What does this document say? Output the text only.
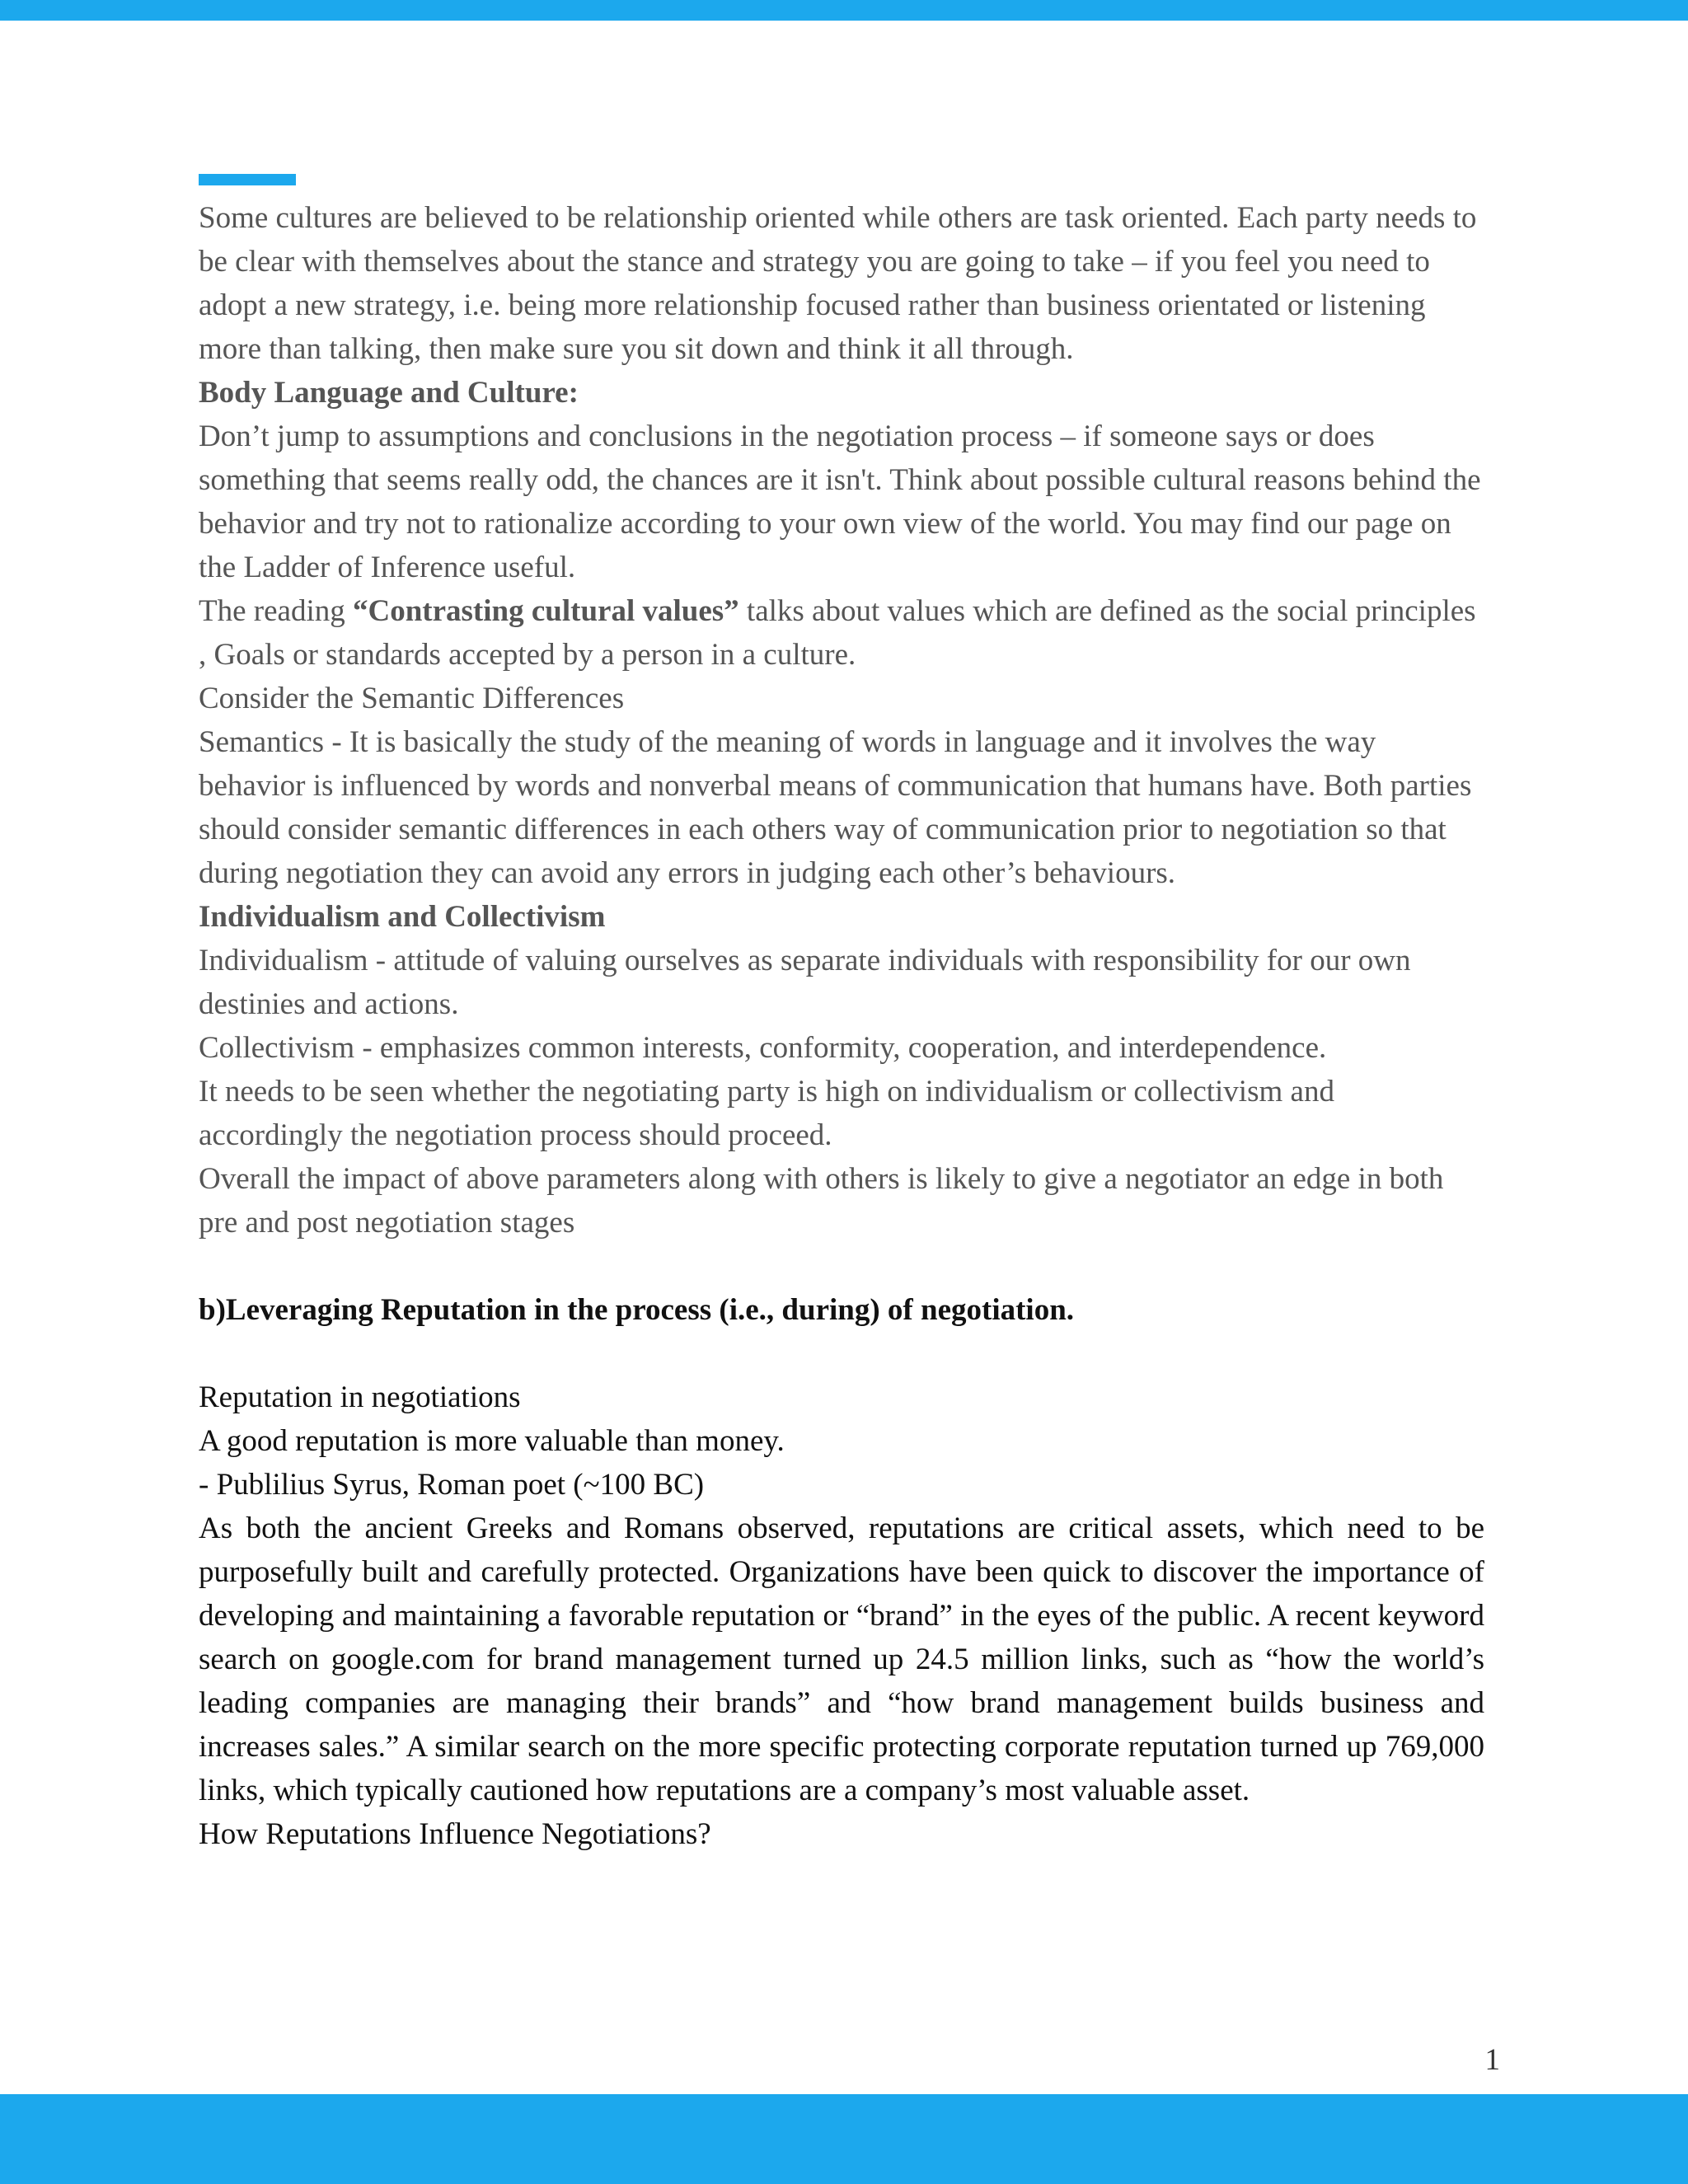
Some cultures are believed to be relationship oriented while others are task oriented. Each party needs to be clear with themselves about the stance and strategy you are going to take – if you feel you need to adopt a new strategy, i.e. being more relationship focused rather than business orientated or listening more than talking, then make sure you sit down and think it all through.

Body Language and Culture:

Don’t jump to assumptions and conclusions in the negotiation process – if someone says or does something that seems really odd, the chances are it isn't. Think about possible cultural reasons behind the behavior and try not to rationalize according to your own view of the world. You may find our page on the Ladder of Inference useful.

The reading “Contrasting cultural values” talks about values which are defined as the social principles , Goals or standards accepted by a person in a culture.

Consider the Semantic Differences

Semantics - It is basically the study of the meaning of words in language and it involves the way behavior is influenced by words and nonverbal means of communication that humans have. Both parties should consider semantic differences in each others way of communication prior to negotiation so that during negotiation they can avoid any errors in judging each other’s behaviours.

Individualism and Collectivism

Individualism - attitude of valuing ourselves as separate individuals with responsibility for our own destinies and actions.

Collectivism - emphasizes common interests, conformity, cooperation, and interdependence.

It needs to be seen whether the negotiating party is high on individualism or collectivism and accordingly the negotiation process should proceed.

Overall the impact of above parameters along with others is likely to give a negotiator an edge in both pre and post negotiation stages

b)Leveraging Reputation in the process (i.e., during) of negotiation.

Reputation in negotiations

A good reputation is more valuable than money.

- Publilius Syrus, Roman poet (~100 BC)

As both the ancient Greeks and Romans observed, reputations are critical assets, which need to be purposefully built and carefully protected. Organizations have been quick to discover the importance of developing and maintaining a favorable reputation or “brand” in the eyes of the public. A recent keyword search on google.com for brand management turned up 24.5 million links, such as “how the world’s leading companies are managing their brands” and “how brand management builds business and increases sales.” A similar search on the more specific protecting corporate reputation turned up 769,000 links, which typically cautioned how reputations are a company’s most valuable asset.

How Reputations Influence Negotiations?

1
